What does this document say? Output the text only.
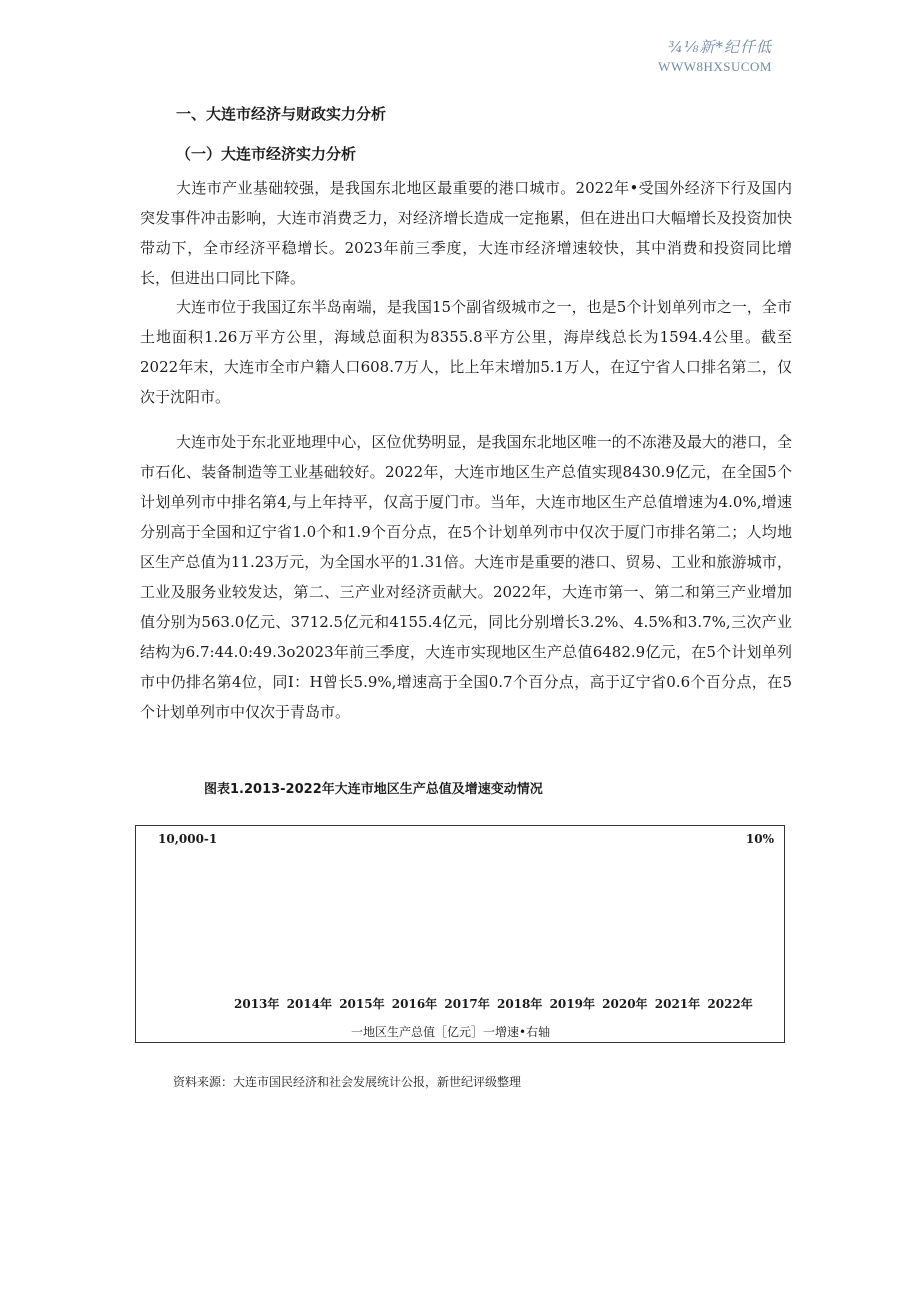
¾⅛新*纪仟低
WWW8HXSUCOM
一、大连市经济与财政实力分析
（一）大连市经济实力分析

大连市产业基础较强，是我国东北地区最重要的港口城市。2022年•受国外经济下行及国内突发事件冲击影响，大连市消费乏力，对经济增长造成一定拖累，但在进出口大幅增长及投资加快带动下，全市经济平稳增长。2023年前三季度，大连市经济增速较快，其中消费和投资同比增长，但进出口同比下降。

大连市位于我国辽东半岛南端，是我国15个副省级城市之一，也是5个计划单列市之一，全市土地面积1.26万平方公里，海域总面积为8355.8平方公里，海岸线总长为1594.4公里。截至2022年末，大连市全市户籍人口608.7万人，比上年末增加5.1万人，在辽宁省人口排名第二，仅次于沈阳市。

大连市处于东北亚地理中心，区位优势明显，是我国东北地区唯一的不冻港及最大的港口，全市石化、装备制造等工业基础较好。2022年，大连市地区生产总值实现8430.9亿元，在全国5个计划单列市中排名第4,与上年持平，仅高于厦门市。当年，大连市地区生产总值增速为4.0%,增速分别高于全国和辽宁省1.0个和1.9个百分点，在5个计划单列市中仅次于厦门市排名第二；人均地区生产总值为11.23万元，为全国水平的1.31倍。大连市是重要的港口、贸易、工业和旅游城市，工业及服务业较发达，第二、三产业对经济贡献大。2022年，大连市第一、第二和第三产业增加值分别为563.0亿元、3712.5亿元和4155.4亿元，同比分别增长3.2%、4.5%和3.7%,三次产业结构为6.7:44.0:49.3o2023年前三季度，大连市实现地区生产总值6482.9亿元，在5个计划单列市中仍排名第4位，同I：H曾长5.9%,增速高于全国0.7个百分点，高于辽宁省0.6个百分点，在5个计划单列市中仅次于青岛市。

图表1.2013-2022年大连市地区生产总值及增速变动情况
10,000-1	10%
2013年 2014年 2015年 2016年 2017年 2018年 2019年 2020年 2021年 2022年
一地区生产总值［亿元］一增速•右轴
资料来源：大连市国民经济和社会发展统计公报，新世纪评级整理
